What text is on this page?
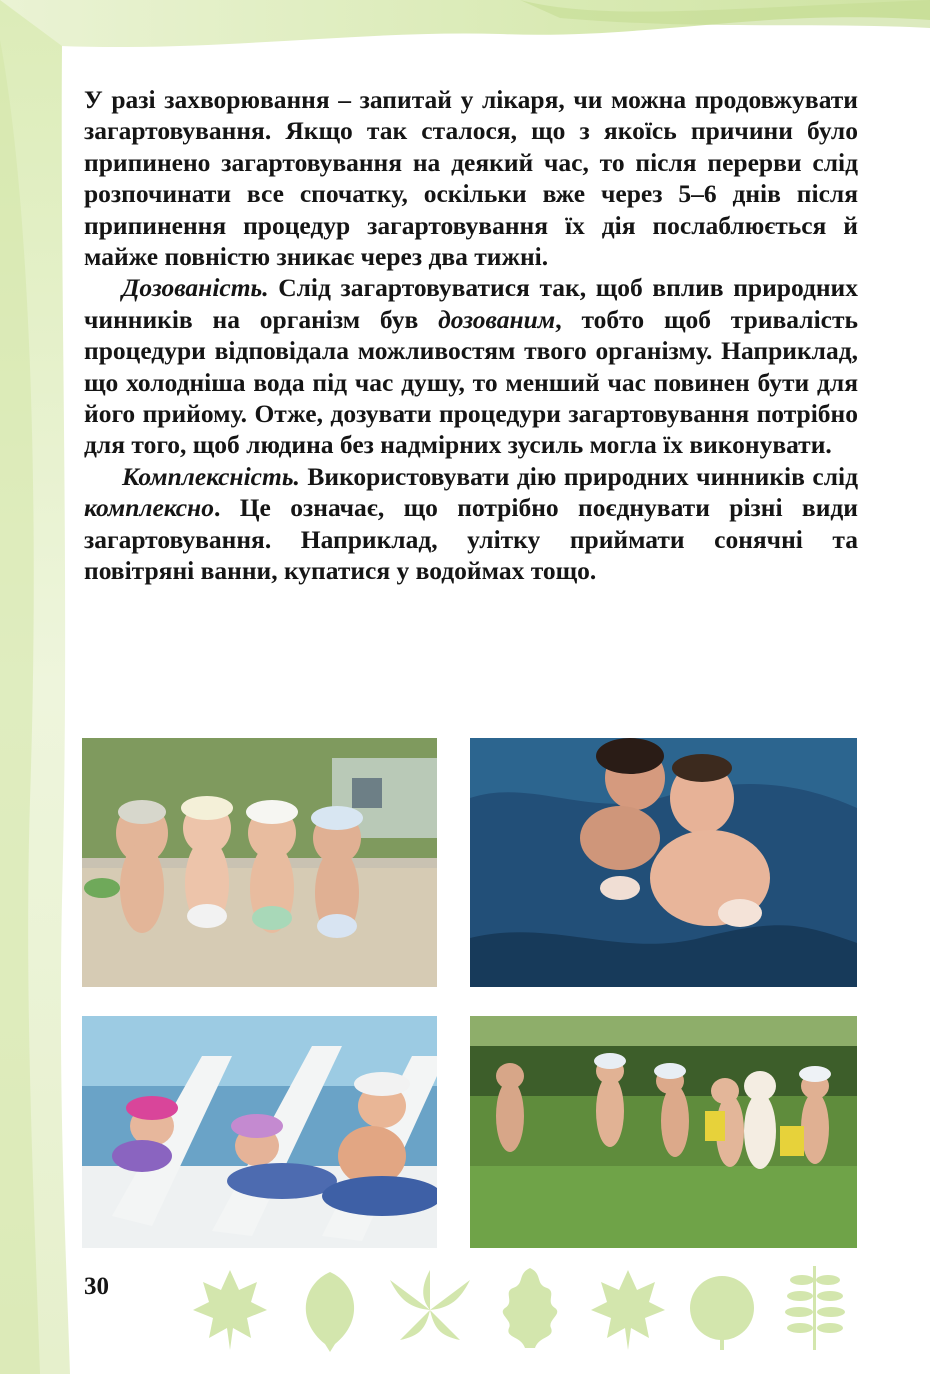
У разі захворювання – запитай у лікаря, чи можна продовжувати загартовування. Якщо так сталося, що з якоїсь причини було припинено загартовування на деякий час, то після перерви слід розпочинати все спочатку, оскільки вже через 5–6 днів після припинення процедур загартовування їх дія послаблюється й майже повністю зникає через два тижні.

Дозованість. Слід загартовуватися так, щоб вплив природних чинників на організм був дозованим, тобто щоб тривалість процедури відповідала можливостям твого організму. Наприклад, що холодніша вода під час душу, то менший час повинен бути для його прийому. Отже, дозувати процедури загартовування потрібно для того, щоб людина без надмірних зусиль могла їх виконувати.

Комплексність. Використовувати дію природних чинників слід комплексно. Це означає, що потрібно поєднувати різні види загартовування. Наприклад, улітку приймати сонячні та повітряні ванни, купатися у водоймах тощо.

30
